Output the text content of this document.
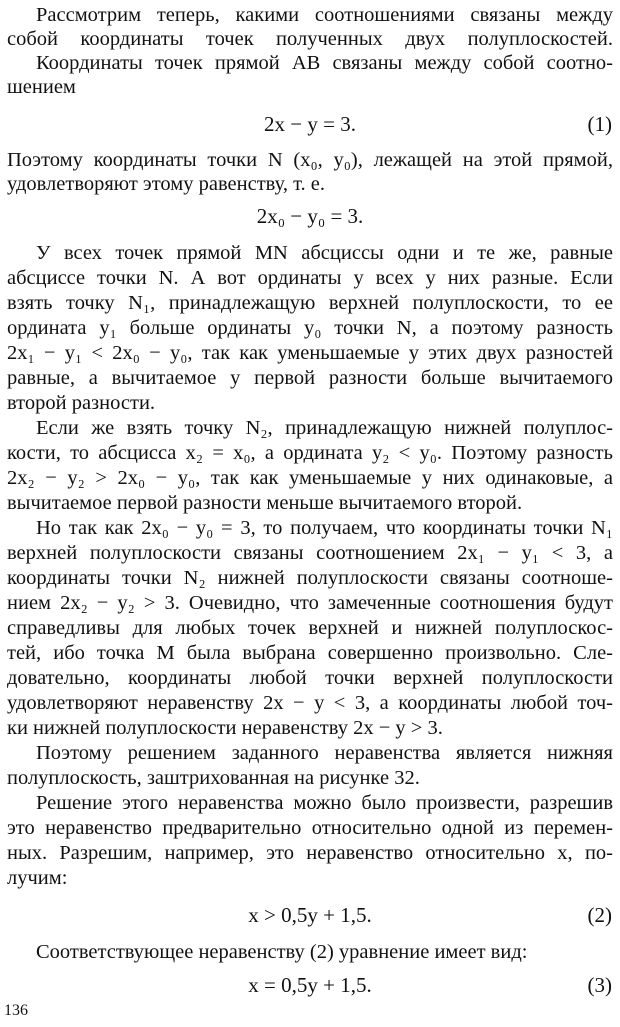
Рассмотрим теперь, какими соотношениями связаны между
собой координаты точек полученных двух полуплоскостей.
Координаты точек прямой AB связаны между собой соотно-
шением
2x − y = 3.	(1)
Поэтому координаты точки N (x₀, y₀), лежащей на этой прямой,
удовлетворяют этому равенству, т. е.
2x₀ − y₀ = 3.
У всех точек прямой MN абсциссы одни и те же, равные
абсциссе точки N. А вот ординаты у всех у них разные. Если
взять точку N₁, принадлежащую верхней полуплоскости, то ее
ордината y₁ больше ординаты y₀ точки N, а поэтому разность
2x₁ − y₁ < 2x₀ − y₀, так как уменьшаемые у этих двух разностей
равные, а вычитаемое у первой разности больше вычитаемого
второй разности.
Если же взять точку N₂, принадлежащую нижней полуплос-
кости, то абсцисса x₂ = x₀, а ордината y₂ < y₀. Поэтому разность
2x₂ − y₂ > 2x₀ − y₀, так как уменьшаемые у них одинаковые, а
вычитаемое первой разности меньше вычитаемого второй.
Но так как 2x₀ − y₀ = 3, то получаем, что координаты точки N₁
верхней полуплоскости связаны соотношением 2x₁ − y₁ < 3, а
координаты точки N₂ нижней полуплоскости связаны соотноше-
нием 2x₂ − y₂ > 3. Очевидно, что замеченные соотношения будут
справедливы для любых точек верхней и нижней полуплоскос-
тей, ибо точка M была выбрана совершенно произвольно. Сле-
довательно, координаты любой точки верхней полуплоскости
удовлетворяют неравенству 2x − y < 3, а координаты любой точ-
ки нижней полуплоскости неравенству 2x − y > 3.
Поэтому решением заданного неравенства является нижняя
полуплоскость, заштрихованная на рисунке 32.
Решение этого неравенства можно было произвести, разрешив
это неравенство предварительно относительно одной из перемен-
ных. Разрешим, например, это неравенство относительно x, по-
лучим:
x > 0,5y + 1,5.	(2)
Соответствующее неравенству (2) уравнение имеет вид:
x = 0,5y + 1,5.	(3)
136
